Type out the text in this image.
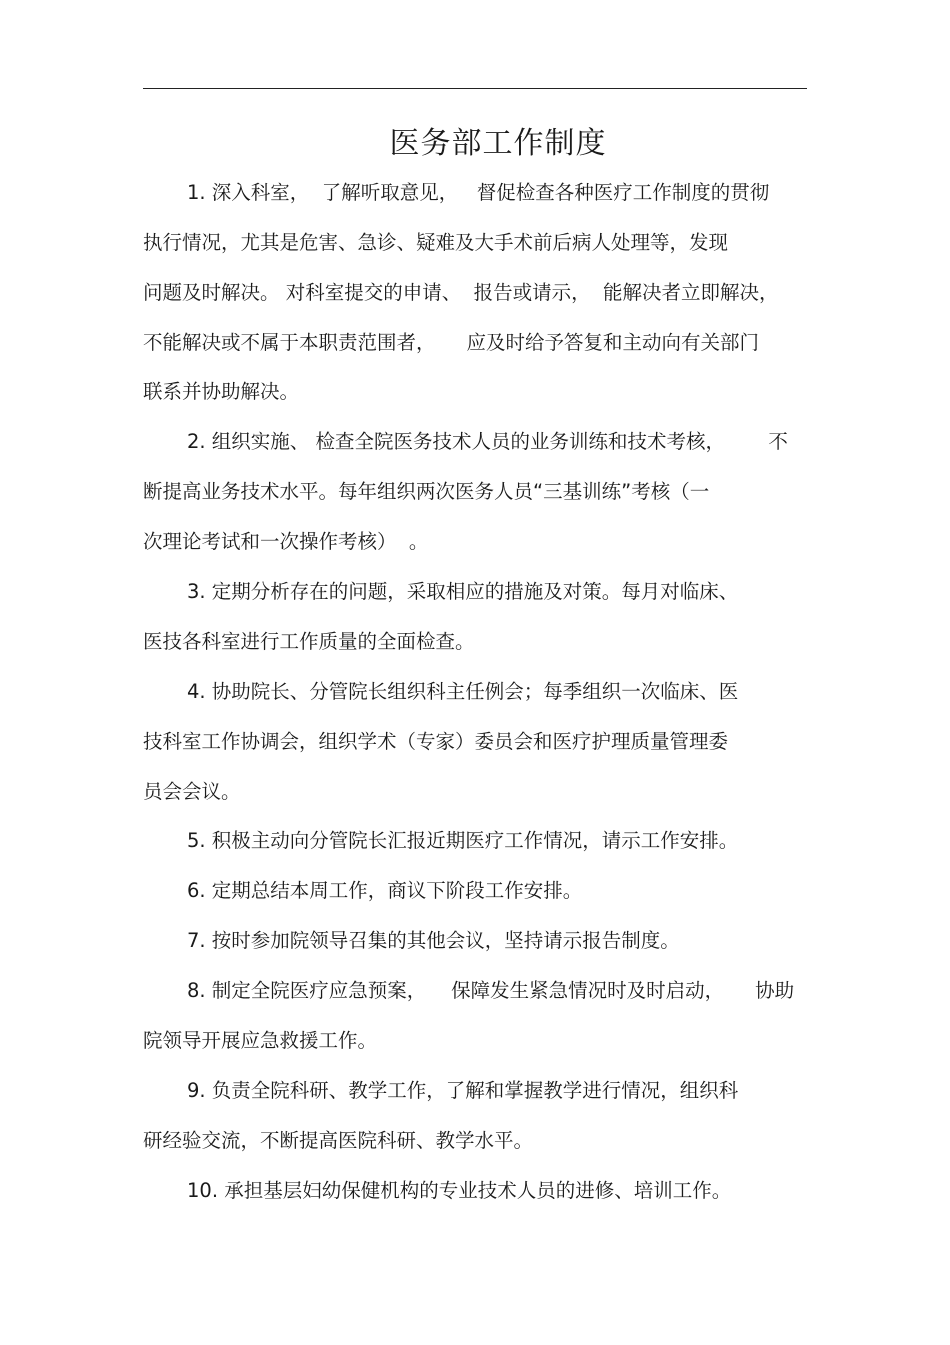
医务部工作制度
1. 深入科室，  了解听取意见，   督促检查各种医疗工作制度的贯彻
执行情况，尤其是危害、急诊、疑难及大手术前后病人处理等，发现
问题及时解决。 对科室提交的申请、  报告或请示，  能解决者立即解决，
不能解决或不属于本职责范围者，     应及时给予答复和主动向有关部门
联系并协助解决。
2. 组织实施、 检查全院医务技术人员的业务训练和技术考核，       不
断提高业务技术水平。每年组织两次医务人员“三基训练”考核（一
次理论考试和一次操作考核）  。
3. 定期分析存在的问题，采取相应的措施及对策。每月对临床、
医技各科室进行工作质量的全面检查。
4. 协助院长、分管院长组织科主任例会；每季组织一次临床、医
技科室工作协调会，组织学术（专家）委员会和医疗护理质量管理委
员会会议。
5. 积极主动向分管院长汇报近期医疗工作情况，请示工作安排。
6. 定期总结本周工作，商议下阶段工作安排。
7. 按时参加院领导召集的其他会议，坚持请示报告制度。
8. 制定全院医疗应急预案，    保障发生紧急情况时及时启动，     协助
院领导开展应急救援工作。
9. 负责全院科研、教学工作，了解和掌握教学进行情况，组织科
研经验交流，不断提高医院科研、教学水平。
10. 承担基层妇幼保健机构的专业技术人员的进修、培训工作。
